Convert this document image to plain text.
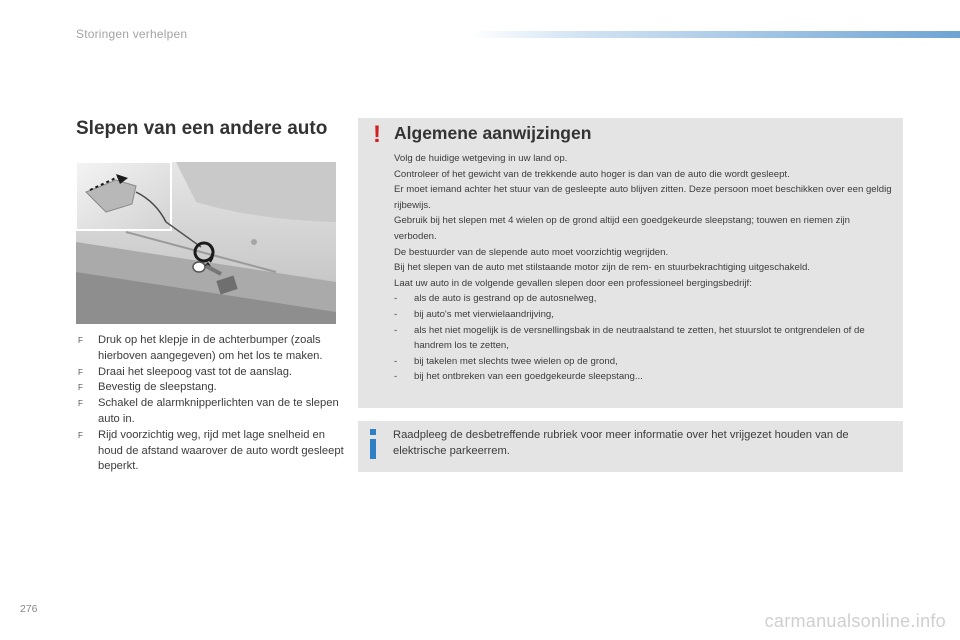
Storingen verhelpen
Slepen van een andere auto
F Druk op het klepje in de achterbumper (zoals hierboven aangegeven) om het los te maken.
F Draai het sleepoog vast tot de aanslag.
F Bevestig de sleepstang.
F Schakel de alarmknipperlichten van de te slepen auto in.
F Rijd voorzichtig weg, rijd met lage snelheid en houd de afstand waarover de auto wordt gesleept beperkt.
! Algemene aanwijzingen

Volg de huidige wetgeving in uw land op.

Controleer of het gewicht van de trekkende auto hoger is dan van de auto die wordt gesleept.

Er moet iemand achter het stuur van de gesleepte auto blijven zitten. Deze persoon moet beschikken over een geldig rijbewijs.

Gebruik bij het slepen met 4 wielen op de grond altijd een goedgekeurde sleepstang; touwen en riemen zijn verboden.

De bestuurder van de slepende auto moet voorzichtig wegrijden.

Bij het slepen van de auto met stilstaande motor zijn de rem- en stuurbekrachtiging uitgeschakeld.

Laat uw auto in de volgende gevallen slepen door een professioneel bergingsbedrijf:

- als de auto is gestrand op de autosnelweg,
- bij auto's met vierwielaandrijving,
- als het niet mogelijk is de versnellingsbak in de neutraalstand te zetten, het stuurslot te ontgrendelen of de handrem los te zetten,
- bij takelen met slechts twee wielen op de grond,
- bij het ontbreken van een goedgekeurde sleepstang...
Raadpleeg de desbetreffende rubriek voor meer informatie over het vrijgezet houden van de elektrische parkeerrem.
276
carmanualsonline.info
